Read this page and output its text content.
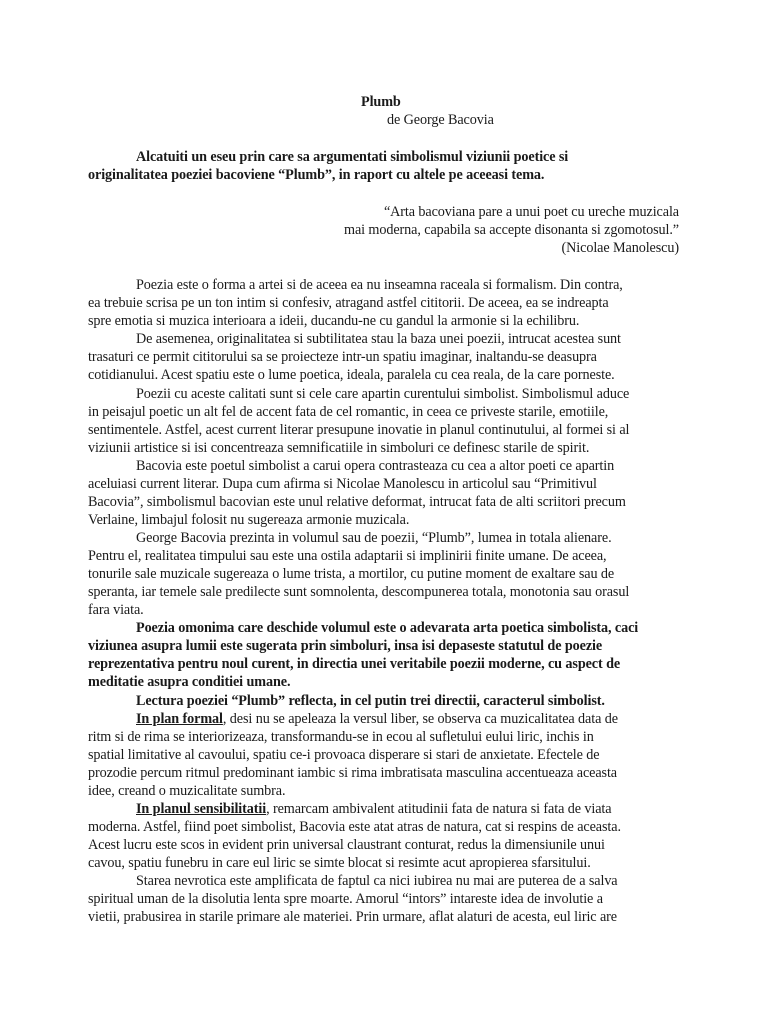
Plumb
de George Bacovia
Alcatuiti un eseu prin care sa argumentati simbolismul viziunii poetice si
originalitatea poeziei bacoviene “Plumb”, in raport cu altele pe aceeasi tema.
“Arta bacoviana pare a unui poet cu ureche muzicala
mai moderna, capabila sa accepte disonanta si zgomotosul.”
(Nicolae Manolescu)
Poezia este o forma a artei si de aceea ea nu inseamna raceala si formalism. Din contra,
ea trebuie scrisa pe un ton intim si confesiv, atragand astfel cititorii. De aceea, ea se indreapta
spre emotia si muzica interioara a ideii, ducandu-ne cu gandul la armonie si la echilibru.
De asemenea, originalitatea si subtilitatea stau la baza unei poezii, intrucat acestea sunt
trasaturi ce permit cititorului sa se proiecteze intr-un spatiu imaginar, inaltandu-se deasupra
cotidianului. Acest spatiu este o lume poetica, ideala, paralela cu cea reala, de la care porneste.
Poezii cu aceste calitati sunt si cele care apartin curentului simbolist. Simbolismul aduce
in peisajul poetic un alt fel de accent fata de cel romantic, in ceea ce priveste starile, emotiile,
sentimentele. Astfel, acest current literar presupune inovatie in planul continutului, al formei si al
viziunii artistice si isi concentreaza semnificatiile in simboluri ce definesc starile de spirit.
Bacovia este poetul simbolist a carui opera contrasteaza cu cea a altor poeti ce apartin
aceluiasi current literar. Dupa cum afirma si Nicolae Manolescu in articolul sau “Primitivul
Bacovia”, simbolismul bacovian este unul relative deformat, intrucat fata de alti scriitori precum
Verlaine, limbajul folosit nu sugereaza armonie muzicala.
George Bacovia prezinta in volumul sau de poezii, “Plumb”, lumea in totala alienare.
Pentru el, realitatea timpului sau este una ostila adaptarii si implinirii finite umane. De aceea,
tonurile sale muzicale sugereaza o lume trista, a mortilor, cu putine moment de exaltare sau de
speranta, iar temele sale predilecte sunt somnolenta, descompunerea totala, monotonia sau orasul
fara viata.
Poezia omonima care deschide volumul este o adevarata arta poetica simbolista, caci
viziunea asupra lumii este sugerata prin simboluri, insa isi depaseste statutul de poezie
reprezentativa pentru noul curent, in directia unei veritabile poezii moderne, cu aspect de
meditatie asupra conditiei umane.
Lectura poeziei “Plumb” reflecta, in cel putin trei directii, caracterul simbolist.
In plan formal, desi nu se apeleaza la versul liber, se observa ca muzicalitatea data de
ritm si de rima se interiorizeaza, transformandu-se in ecou al sufletului eului liric, inchis in
spatial limitative al cavoului, spatiu ce-i provoaca disperare si stari de anxietate. Efectele de
prozodie percum ritmul predominant iambic si rima imbratisata masculina accentueaza aceasta
idee, creand o muzicalitate sumbra.
In planul sensibilitatii, remarcam ambivalent atitudinii fata de natura si fata de viata
moderna. Astfel, fiind poet simbolist, Bacovia este atat atras de natura, cat si respins de aceasta.
Acest lucru este scos in evident prin universal claustrant conturat, redus la dimensiunile unui
cavou, spatiu funebru in care eul liric se simte blocat si resimte acut apropierea sfarsitului.
Starea nevrotica este amplificata de faptul ca nici iubirea nu mai are puterea de a salva
spiritual uman de la disolutia lenta spre moarte. Amorul “intors” intareste idea de involutie a
vietii, prabusirea in starile primare ale materiei. Prin urmare, aflat alaturi de acesta, eul liric are
